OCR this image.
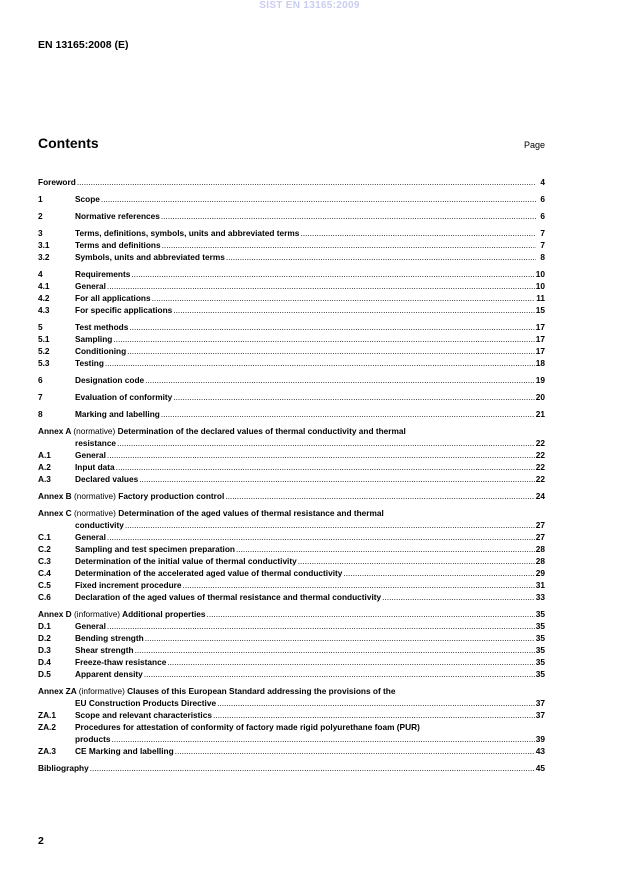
SIST EN 13165:2009
EN 13165:2008 (E)
Contents	Page
Foreword .....	4
1	Scope .....	6
2	Normative references .....	6
3	Terms, definitions, symbols, units and abbreviated terms .....	7
3.1	Terms and definitions .....	7
3.2	Symbols, units and abbreviated terms .....	8
4	Requirements .....	10
4.1	General .....	10
4.2	For all applications .....	11
4.3	For specific applications .....	15
5	Test methods .....	17
5.1	Sampling .....	17
5.2	Conditioning .....	17
5.3	Testing .....	18
6	Designation code .....	19
7	Evaluation of conformity .....	20
8	Marking and labelling .....	21
Annex A (normative) Determination of the declared values of thermal conductivity and thermal
resistance .....	22
A.1	General .....	22
A.2	Input data .....	22
A.3	Declared values .....	22
Annex B (normative) Factory production control .....	24
Annex C (normative) Determination of the aged values of thermal resistance and thermal
conductivity .....	27
C.1	General .....	27
C.2	Sampling and test specimen preparation .....	28
C.3	Determination of the initial value of thermal conductivity .....	28
C.4	Determination of the accelerated aged value of thermal conductivity .....	29
C.5	Fixed increment procedure .....	31
C.6	Declaration of the aged values of thermal resistance and thermal conductivity .....	33
Annex D (informative) Additional properties .....	35
D.1	General .....	35
D.2	Bending strength .....	35
D.3	Shear strength .....	35
D.4	Freeze-thaw resistance .....	35
D.5	Apparent density .....	35
Annex ZA (informative) Clauses of this European Standard addressing the provisions of the
EU Construction Products Directive .....	37
ZA.1	Scope and relevant characteristics .....	37
ZA.2	Procedures for attestation of conformity of factory made rigid polyurethane foam (PUR)
products .....	39
ZA.3	CE Marking and labelling .....	43
Bibliography .....	45
2
